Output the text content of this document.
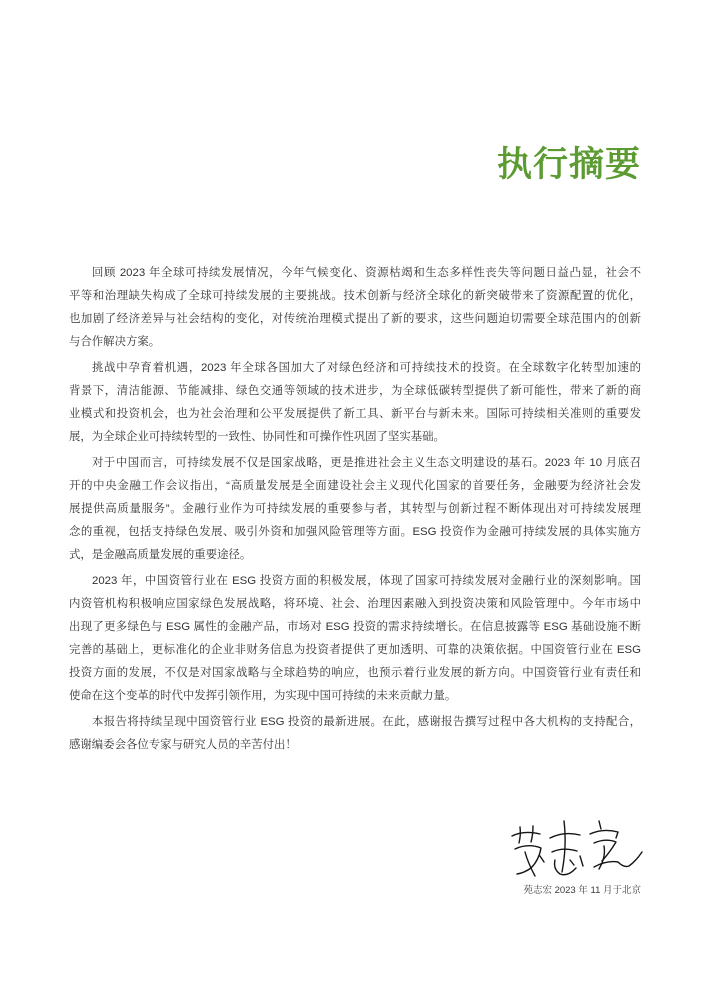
执行摘要
回顾 2023 年全球可持续发展情况，今年气候变化、资源枯竭和生态多样性丧失等问题日益凸显，社会不
平等和治理缺失构成了全球可持续发展的主要挑战。技术创新与经济全球化的新突破带来了资源配置的优化，
也加剧了经济差异与社会结构的变化，对传统治理模式提出了新的要求，这些问题迫切需要全球范围内的创新
与合作解决方案。
挑战中孕育着机遇，2023 年全球各国加大了对绿色经济和可持续技术的投资。在全球数字化转型加速的
背景下，清洁能源、节能减排、绿色交通等领域的技术进步，为全球低碳转型提供了新可能性，带来了新的商
业模式和投资机会，也为社会治理和公平发展提供了新工具、新平台与新未来。国际可持续相关准则的重要发
展，为全球企业可持续转型的一致性、协同性和可操作性巩固了坚实基础。
对于中国而言，可持续发展不仅是国家战略，更是推进社会主义生态文明建设的基石。2023 年 10 月底召
开的中央金融工作会议指出，“高质量发展是全面建设社会主义现代化国家的首要任务，金融要为经济社会发
展提供高质量服务”。金融行业作为可持续发展的重要参与者，其转型与创新过程不断体现出对可持续发展理
念的重视，包括支持绿色发展、吸引外资和加强风险管理等方面。ESG 投资作为金融可持续发展的具体实施方
式，是金融高质量发展的重要途径。
2023 年，中国资管行业在 ESG 投资方面的积极发展，体现了国家可持续发展对金融行业的深刻影响。国
内资管机构积极响应国家绿色发展战略，将环境、社会、治理因素融入到投资决策和风险管理中。今年市场中
出现了更多绿色与 ESG 属性的金融产品，市场对 ESG 投资的需求持续增长。在信息披露等 ESG 基础设施不断
完善的基础上，更标准化的企业非财务信息为投资者提供了更加透明、可靠的决策依据。中国资管行业在 ESG
投资方面的发展，不仅是对国家战略与全球趋势的响应，也预示着行业发展的新方向。中国资管行业有责任和
使命在这个变革的时代中发挥引领作用，为实现中国可持续的未来贡献力量。
本报告将持续呈现中国资管行业 ESG 投资的最新进展。在此，感谢报告撰写过程中各大机构的支持配合，
感谢编委会各位专家与研究人员的辛苦付出！
苑志宏 2023 年 11 月于北京
